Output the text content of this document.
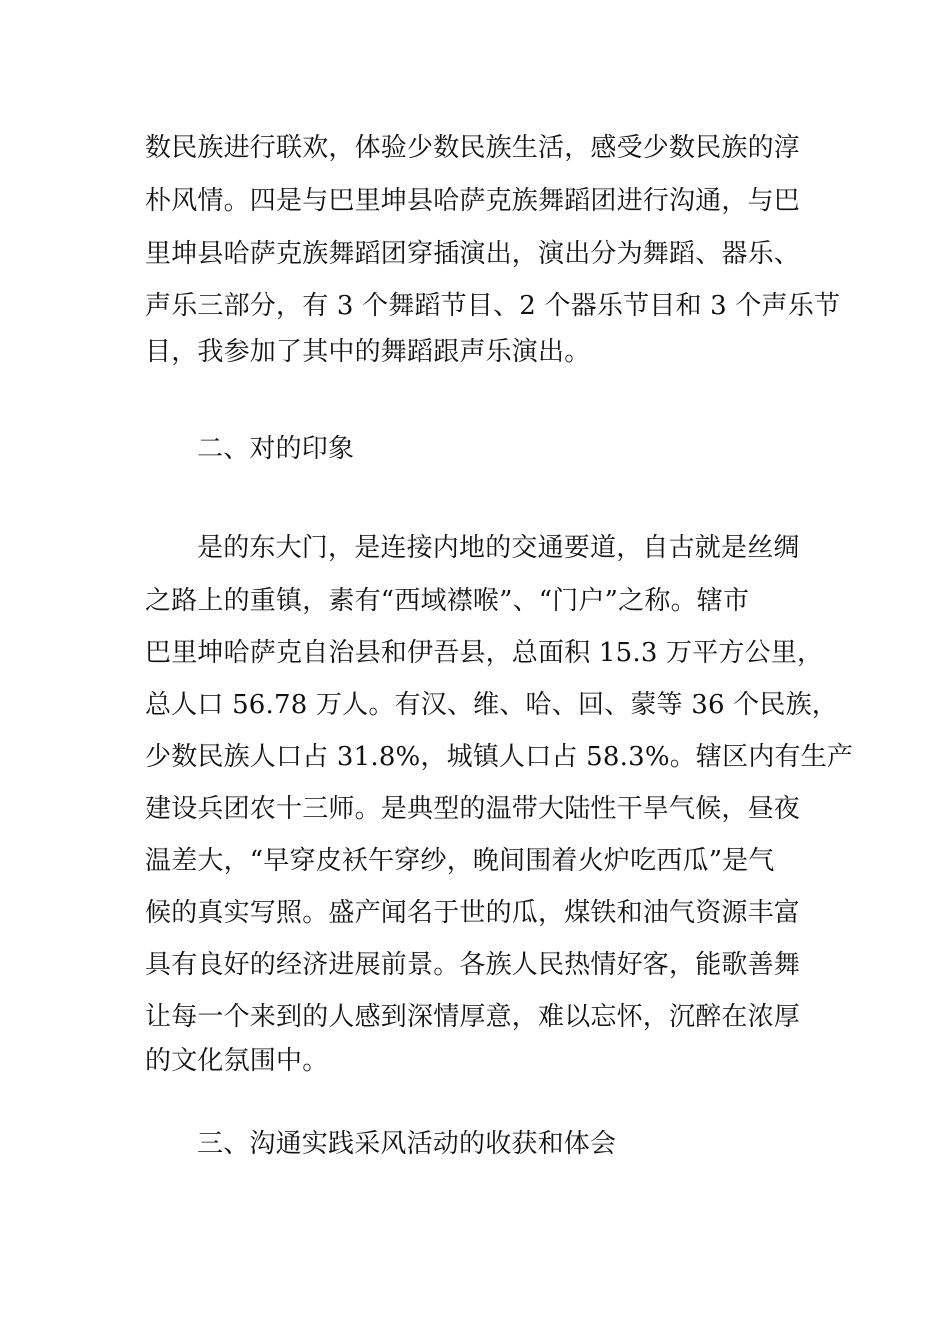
数民族进行联欢，体验少数民族生活，感受少数民族的淳
朴风情。四是与巴里坤县哈萨克族舞蹈团进行沟通，与巴
里坤县哈萨克族舞蹈团穿插演出，演出分为舞蹈、器乐、
声乐三部分，有 3 个舞蹈节目、2 个器乐节目和 3 个声乐节
目，我参加了其中的舞蹈跟声乐演出。
二、对的印象
是的东大门，是连接内地的交通要道，自古就是丝绸
之路上的重镇，素有“西域襟喉”、“门户”之称。辖市
巴里坤哈萨克自治县和伊吾县，总面积 15.3 万平方公里，
总人口 56.78 万人。有汉、维、哈、回、蒙等 36 个民族，
少数民族人口占 31.8%，城镇人口占 58.3%。辖区内有生产
建设兵团农十三师。是典型的温带大陆性干旱气候，昼夜
温差大，“早穿皮袄午穿纱，晚间围着火炉吃西瓜”是气
候的真实写照。盛产闻名于世的瓜，煤铁和油气资源丰富
具有良好的经济进展前景。各族人民热情好客，能歌善舞
让每一个来到的人感到深情厚意，难以忘怀，沉醉在浓厚
的文化氛围中。
三、沟通实践采风活动的收获和体会
